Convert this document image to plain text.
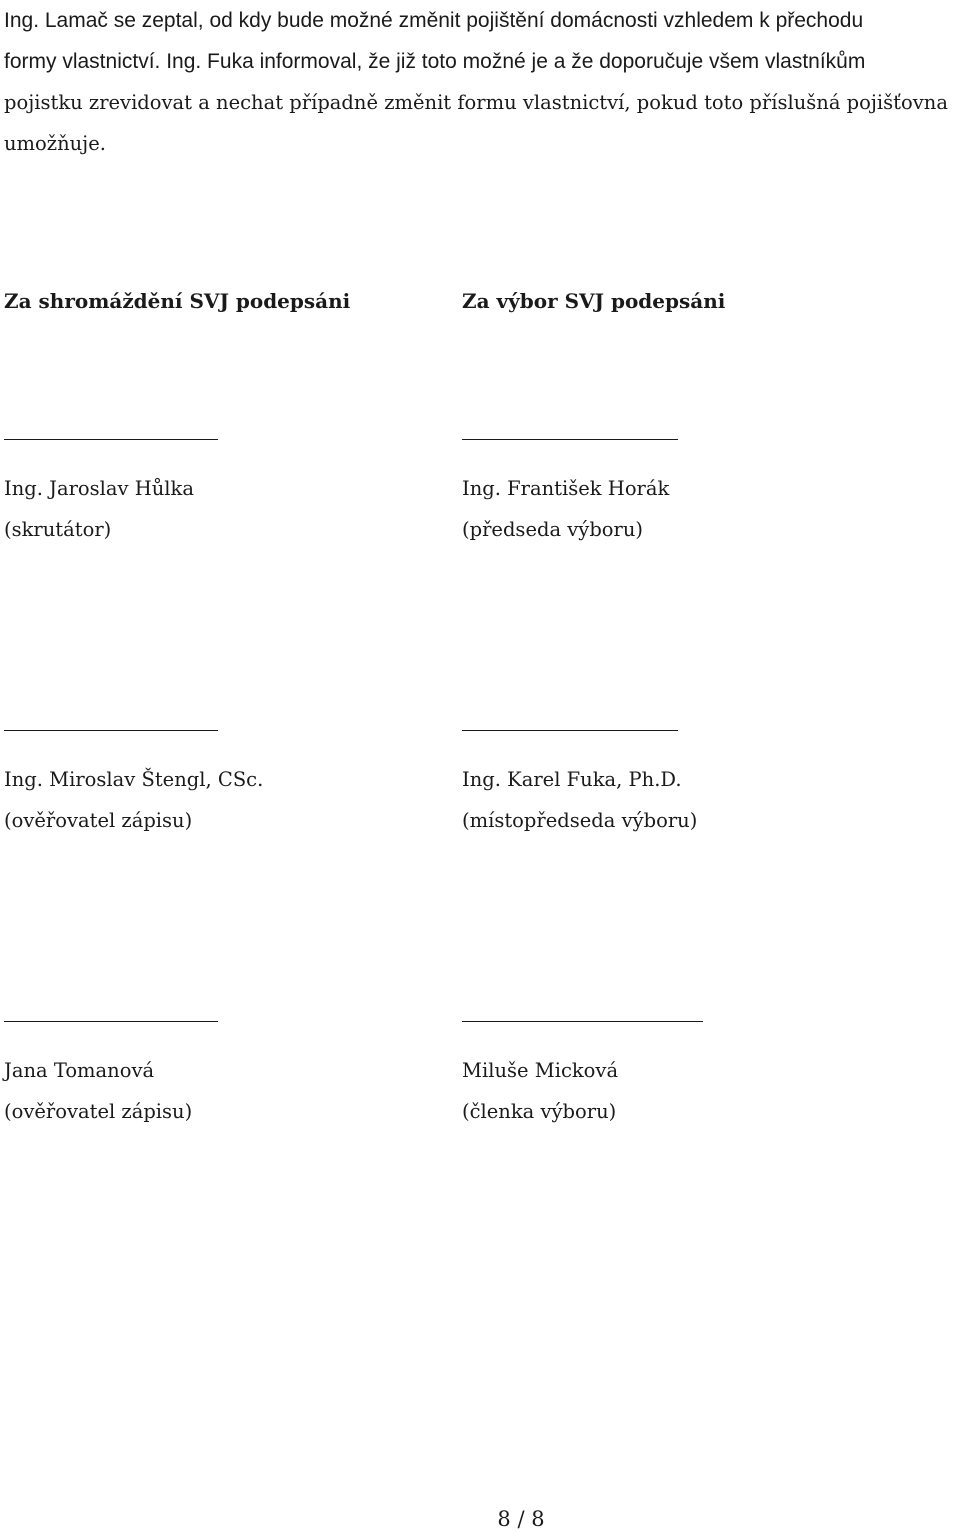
Ing. Lamač se zeptal, od kdy bude možné změnit pojištění domácnosti vzhledem k přechodu
formy vlastnictví. Ing. Fuka informoval, že již toto možné je a že doporučuje všem vlastníkům
pojistku zrevidovat a nechat případně změnit formu vlastnictví, pokud toto příslušná pojišťovna
umožňuje.
Za shromáždění SVJ podepsáni	Za výbor SVJ podepsáni

Ing. Jaroslav Hůlka

(skrutátor)

Ing. František Horák

(předseda výboru)

Ing. Miroslav Štengl, CSc.

(ověřovatel zápisu)

Ing. Karel Fuka, Ph.D.

(místopředseda výboru)

Jana Tomanová

(ověřovatel zápisu)

Miluše Micková

(členka výboru)

8 / 8
